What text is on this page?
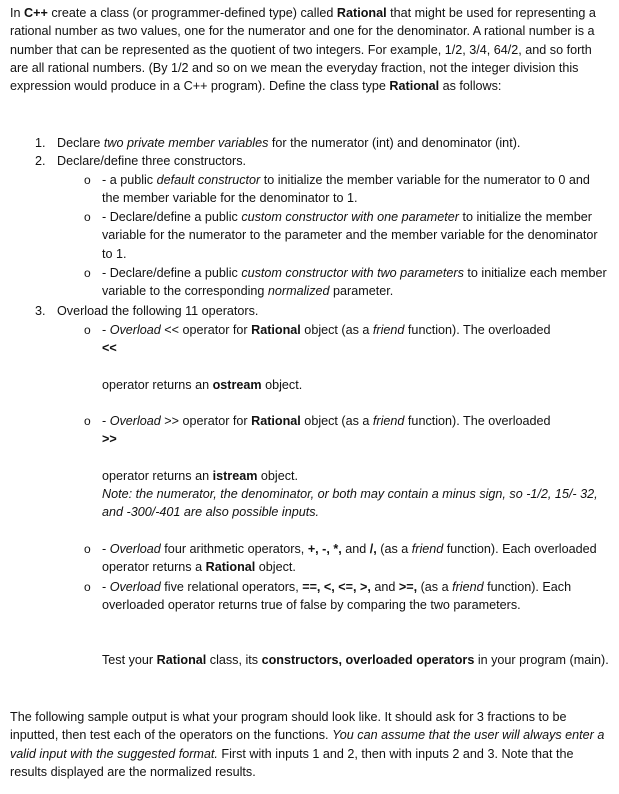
In C++ create a class (or programmer-defined type) called Rational that might be used for representing a rational number as two values, one for the numerator and one for the denominator. A rational number is a number that can be represented as the quotient of two integers. For example, 1/2, 3/4, 64/2, and so forth are all rational numbers. (By 1/2 and so on we mean the everyday fraction, not the integer division this expression would produce in a C++ program). Define the class type Rational as follows:

1. Declare two private member variables for the numerator (int) and denominator (int).

2. Declare/define three constructors.

o - a public default constructor to initialize the member variable for the numerator to 0 and the member variable for the denominator to 1.

o - Declare/define a public custom constructor with one parameter to initialize the member variable for the numerator to the parameter and the member variable for the denominator to 1.

o - Declare/define a public custom constructor with two parameters to initialize each member variable to the corresponding normalized parameter.

3. Overload the following 11 operators.

o - Overload << operator for Rational object (as a friend function). The overloaded
<<
operator returns an ostream object.

o - Overload >> operator for Rational object (as a friend function). The overloaded
>>
operator returns an istream object.
Note: the numerator, the denominator, or both may contain a minus sign, so -1/2, 15/- 32, and -300/-401 are also possible inputs.

o - Overload four arithmetic operators, +, -, *, and /, (as a friend function). Each overloaded operator returns a Rational object.

o - Overload five relational operators, ==, <, <=, >, and >=, (as a friend function). Each overloaded operator returns true of false by comparing the two parameters.

Test your Rational class, its constructors, overloaded operators in your program (main).

The following sample output is what your program should look like. It should ask for 3 fractions to be inputted, then test each of the operators on the functions. You can assume that the user will always enter a valid input with the suggested format. First with inputs 1 and 2, then with inputs 2 and 3. Note that the results displayed are the normalized results.
